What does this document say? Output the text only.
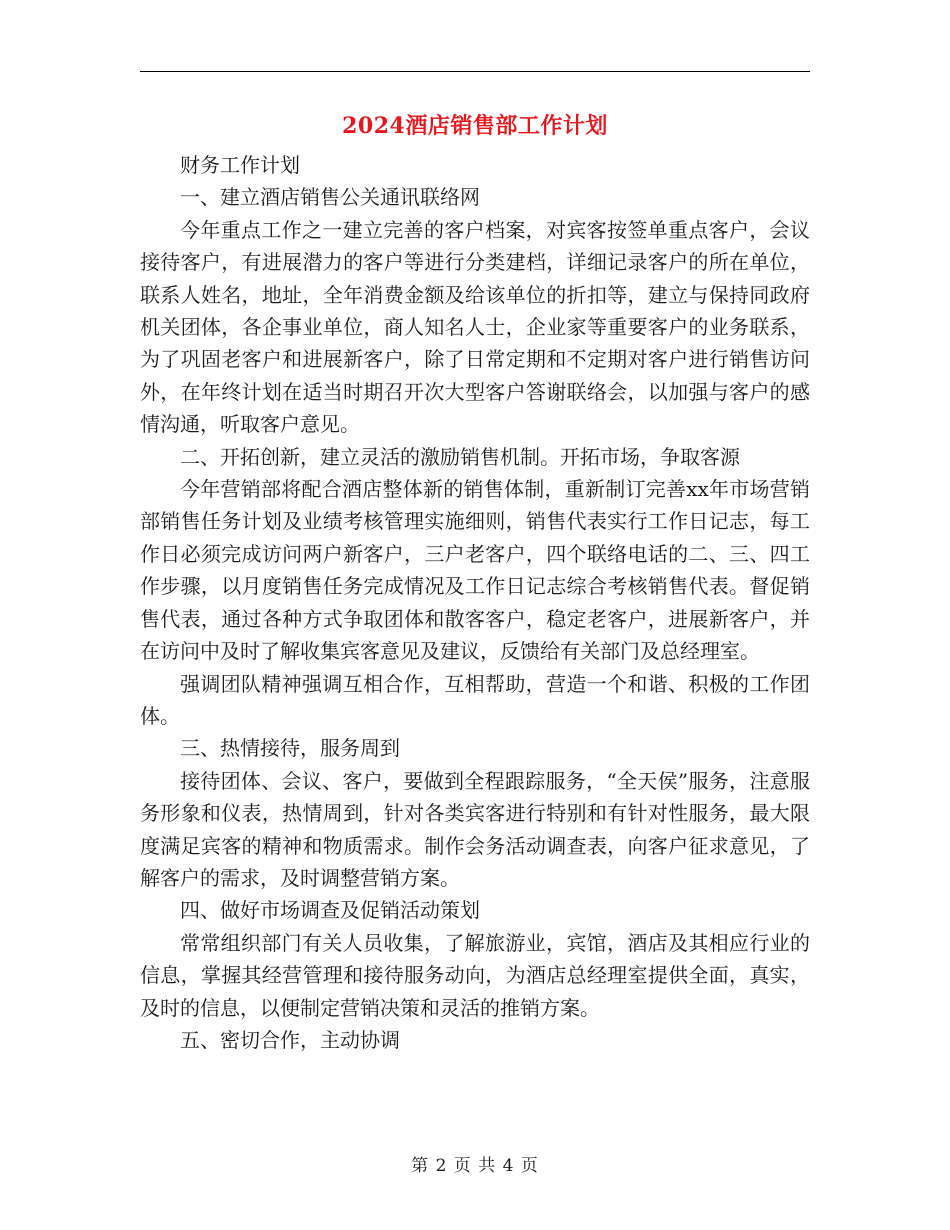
2024酒店销售部工作计划

财务工作计划

一、建立酒店销售公关通讯联络网

今年重点工作之一建立完善的客户档案，对宾客按签单重点客户，会议接待客户，有进展潜力的客户等进行分类建档，详细记录客户的所在单位，联系人姓名，地址，全年消费金额及给该单位的折扣等，建立与保持同政府机关团体，各企事业单位，商人知名人士，企业家等重要客户的业务联系，为了巩固老客户和进展新客户，除了日常定期和不定期对客户进行销售访问外，在年终计划在适当时期召开次大型客户答谢联络会，以加强与客户的感情沟通，听取客户意见。

二、开拓创新，建立灵活的激励销售机制。开拓市场，争取客源

今年营销部将配合酒店整体新的销售体制，重新制订完善xx年市场营销部销售任务计划及业绩考核管理实施细则，销售代表实行工作日记志，每工作日必须完成访问两户新客户，三户老客户，四个联络电话的二、三、四工作步骤，以月度销售任务完成情况及工作日记志综合考核销售代表。督促销售代表，通过各种方式争取团体和散客客户，稳定老客户，进展新客户，并在访问中及时了解收集宾客意见及建议，反馈给有关部门及总经理室。

强调团队精神强调互相合作，互相帮助，营造一个和谐、积极的工作团体。

三、热情接待，服务周到

接待团体、会议、客户，要做到全程跟踪服务，“全天侯”服务，注意服务形象和仪表，热情周到，针对各类宾客进行特别和有针对性服务，最大限度满足宾客的精神和物质需求。制作会务活动调查表，向客户征求意见，了解客户的需求，及时调整营销方案。

四、做好市场调查及促销活动策划

常常组织部门有关人员收集，了解旅游业，宾馆，酒店及其相应行业的信息，掌握其经营管理和接待服务动向，为酒店总经理室提供全面，真实，及时的信息，以便制定营销决策和灵活的推销方案。

五、密切合作，主动协调

第 2 页 共 4 页
